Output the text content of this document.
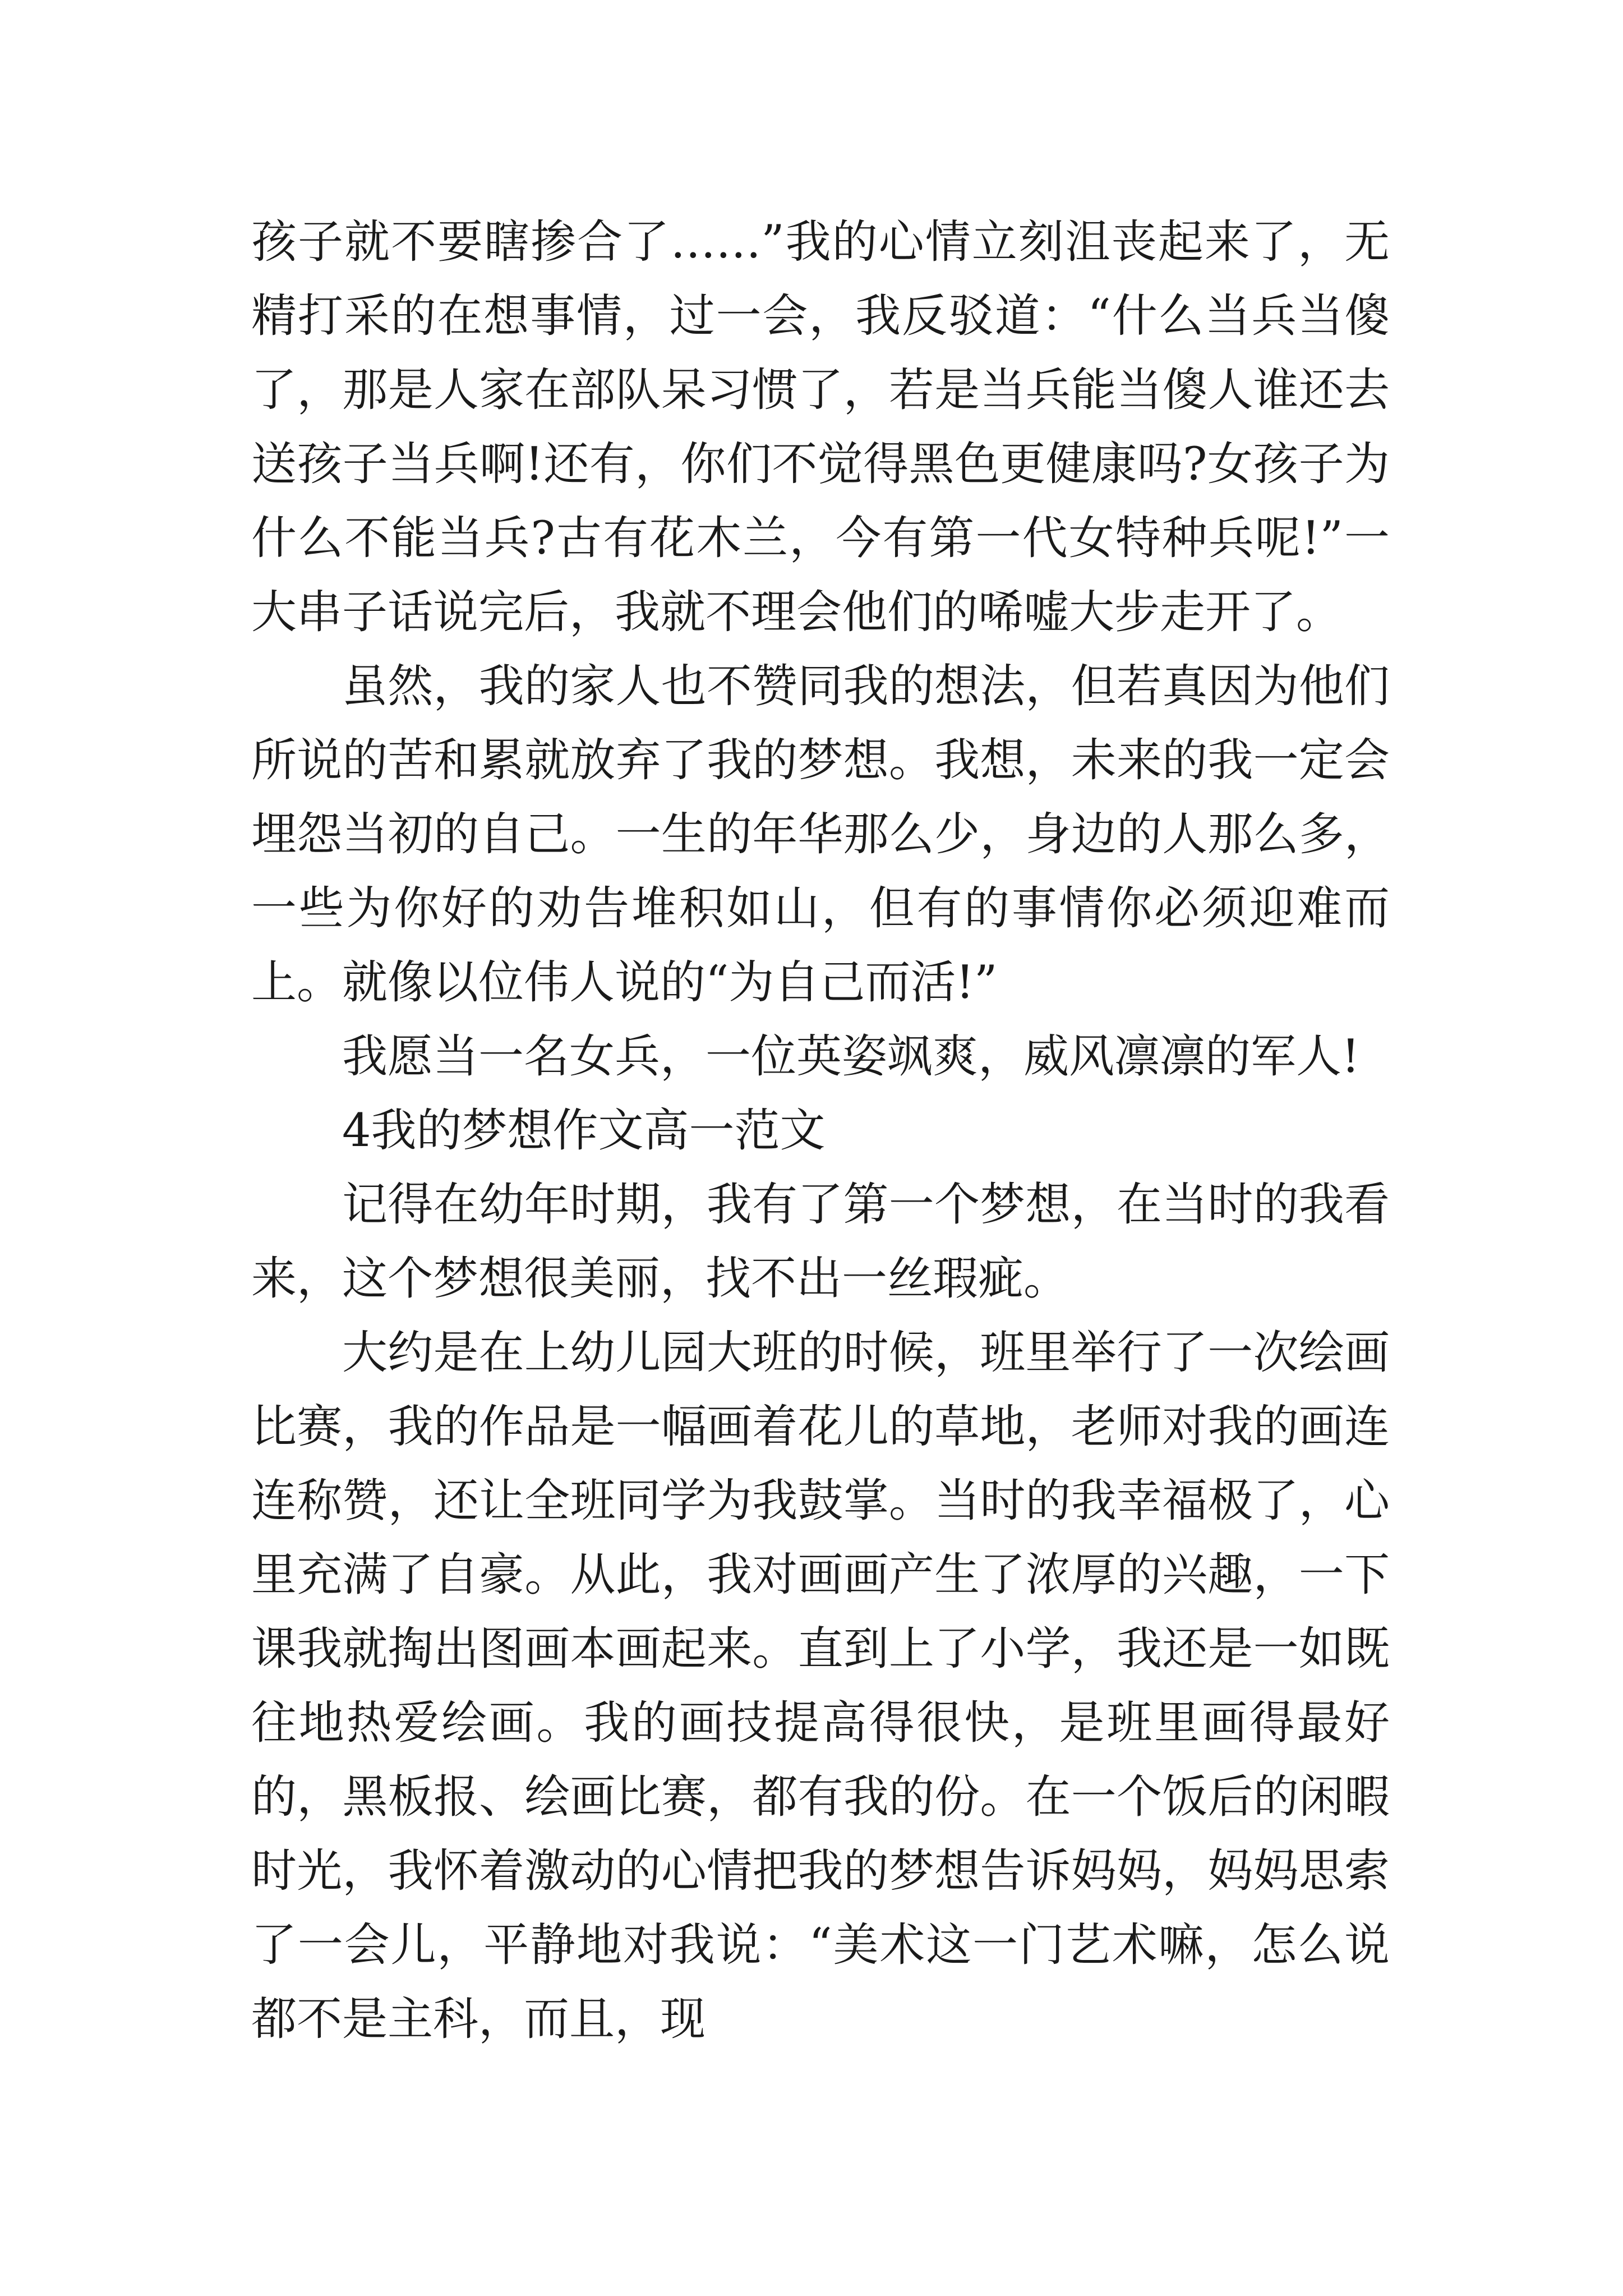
孩子就不要瞎掺合了……”我的心情立刻沮丧起来了，无精打采的在想事情，过一会，我反驳道：“什么当兵当傻了，那是人家在部队呆习惯了，若是当兵能当傻人谁还去送孩子当兵啊!还有，你们不觉得黑色更健康吗?女孩子为什么不能当兵?古有花木兰，今有第一代女特种兵呢!”一大串子话说完后，我就不理会他们的唏嘘大步走开了。

虽然，我的家人也不赞同我的想法，但若真因为他们所说的苦和累就放弃了我的梦想。我想，未来的我一定会埋怨当初的自己。一生的年华那么少，身边的人那么多，一些为你好的劝告堆积如山，但有的事情你必须迎难而上。就像以位伟人说的“为自己而活!”

我愿当一名女兵，一位英姿飒爽，威风凛凛的军人!

4我的梦想作文高一范文

记得在幼年时期，我有了第一个梦想，在当时的我看来，这个梦想很美丽，找不出一丝瑕疵。

大约是在上幼儿园大班的时候，班里举行了一次绘画比赛，我的作品是一幅画着花儿的草地，老师对我的画连连称赞，还让全班同学为我鼓掌。当时的我幸福极了，心里充满了自豪。从此，我对画画产生了浓厚的兴趣，一下课我就掏出图画本画起来。直到上了小学，我还是一如既往地热爱绘画。我的画技提高得很快，是班里画得最好的，黑板报、绘画比赛，都有我的份。在一个饭后的闲暇时光，我怀着激动的心情把我的梦想告诉妈妈，妈妈思索了一会儿，平静地对我说：“美术这一门艺术嘛，怎么说都不是主科，而且，现
